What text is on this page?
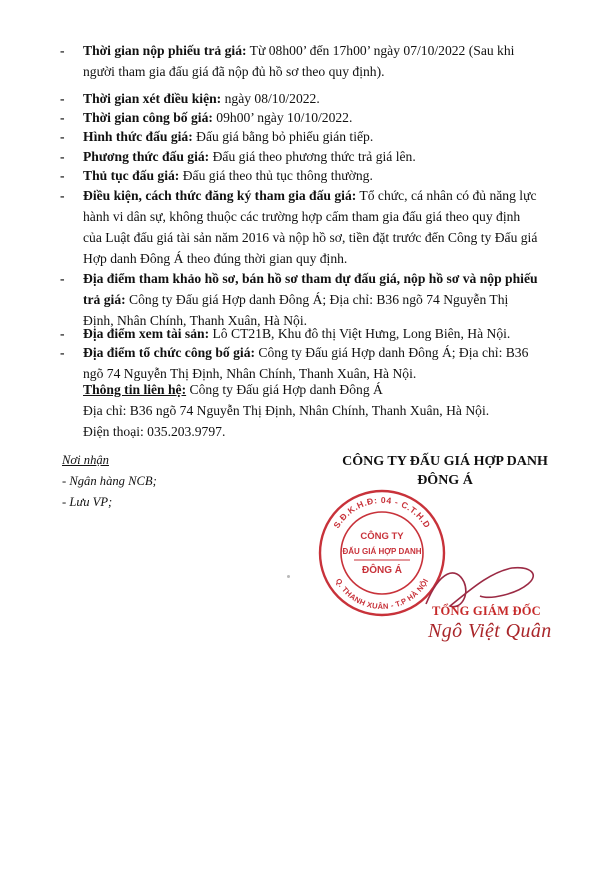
-	Thời gian nộp phiếu trả giá: Từ 08h00’ đến 17h00’ ngày 07/10/2022 (Sau khi người tham gia đấu giá đã nộp đủ hồ sơ theo quy định).
-	Thời gian xét điều kiện: ngày 08/10/2022.
-	Thời gian công bố giá: 09h00’ ngày 10/10/2022.
-	Hình thức đấu giá: Đấu giá bằng bỏ phiếu gián tiếp.
-	Phương thức đấu giá: Đấu giá theo phương thức trả giá lên.
-	Thủ tục đấu giá: Đấu giá theo thủ tục thông thường.
-	Điều kiện, cách thức đăng ký tham gia đấu giá: Tổ chức, cá nhân có đủ năng lực hành vi dân sự, không thuộc các trường hợp cấm tham gia đấu giá theo quy định của Luật đấu giá tài sản năm 2016 và nộp hồ sơ, tiền đặt trước đến Công ty Đấu giá Hợp danh Đông Á theo đúng thời gian quy định.
-	Địa điểm tham khảo hồ sơ, bán hồ sơ tham dự đấu giá, nộp hồ sơ và nộp phiếu trả giá: Công ty Đấu giá Hợp danh Đông Á; Địa chỉ: B36 ngõ 74 Nguyễn Thị Định, Nhân Chính, Thanh Xuân, Hà Nội.
-	Địa điểm xem tài sản: Lô CT21B, Khu đô thị Việt Hưng, Long Biên, Hà Nội.
-	Địa điểm tổ chức công bố giá: Công ty Đấu giá Hợp danh Đông Á; Địa chỉ: B36 ngõ 74 Nguyễn Thị Định, Nhân Chính, Thanh Xuân, Hà Nội.
Thông tin liên hệ: Công ty Đấu giá Hợp danh Đông Á
Địa chỉ: B36 ngõ 74 Nguyễn Thị Định, Nhân Chính, Thanh Xuân, Hà Nội.
Điện thoại: 035.203.9797.
Nơi nhận
- Ngân hàng NCB;
- Lưu VP;
CÔNG TY ĐẤU GIÁ HỢP DANH
ĐÔNG Á
S.Đ.K.H.Đ: 04 - C.T.H.D
Q. THANH XUÂN - T.P HÀ NỘI
CÔNG TY
ĐẤU GIÁ HỢP DANH
ĐÔNG Á
TỔNG GIÁM ĐỐC
Ngô Việt Quân
